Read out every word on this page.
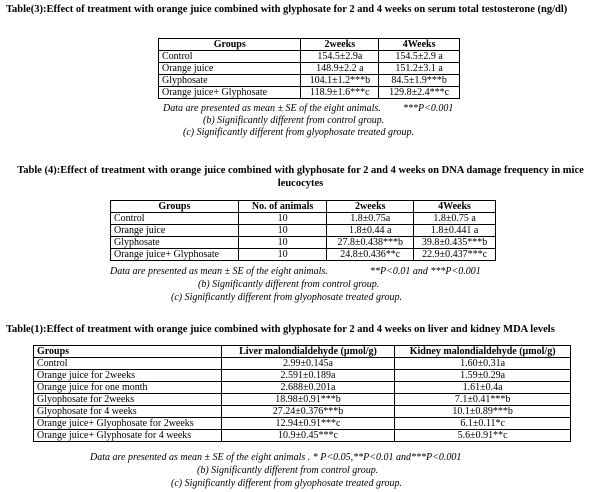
Table(3):Effect of treatment with orange juice combined with glyphosate for 2 and 4 weeks on serum total testosterone (ng/dl)
Groups	2weeks	4Weeks
Control	154.5±2.9a	154.5±2.9 a
Orange juice	148.9±2.2 a	151.2±3.1 a
Glyphosate	104.1±1.2***b	84.5±1.9***b
Orange juice+ Glyphosate	118.9±1.6***c	129.8±2.4***c
Data are presented as mean ± SE of the eight animals. ***P<0.001
(b) Significantly different from control group.
(c) Significantly different from glyophosate treated group.
Table (4):Effect of treatment with orange juice combined with glyphosate for 2 and 4 weeks on DNA damage frequency in mice leucocytes
Groups	No. of animals	2weeks	4Weeks
Control	10	1.8±0.75a	1.8±0.75 a
Orange juice	10	1.8±0.44 a	1.8±0.441 a
Glyphosate	10	27.8±0.438***b	39.8±0.435***b
Orange juice+ Glyphosate	10	24.8±0.436**c	22.9±0.437***c
Data are presented as mean ± SE of the eight animals.	**P<0.01 and ***P<0.001
(b) Significantly different from control group.
(c) Significantly different from glyophosate treated group.
Table(1):Effect of treatment with orange juice combined with glyphosate for 2 and 4 weeks on liver and kidney MDA levels
Groups	Liver malondialdehyde (µmol/g)	Kidney malondialdehyde (µmol/g)
Control	2.99±0.145a	1.60±0.31a
Orange juice for 2weeks	2.591±0.189a	1.59±0.29a
Orange juice for one month	2.688±0.201a	1.61±0.4a
Glyophosate for 2weeks	18.98±0.91***b	7.1±0.41***b
Glyophosate for 4 weeks	27.24±0.376***b	10.1±0.89***b
Orange juice+ Glyophosate for 2weeks	12.94±0.91***c	6.1±0.11*c
Orange juice+ Glyphosate for 4 weeks	10.9±0.45***c	5.6±0.91**c
Data are presented as mean ± SE of the eight animals . * P<0.05,**P<0.01 and***P<0.001
(b) Significantly different from control group.
(c) Significantly different from glyophosate treated group.
